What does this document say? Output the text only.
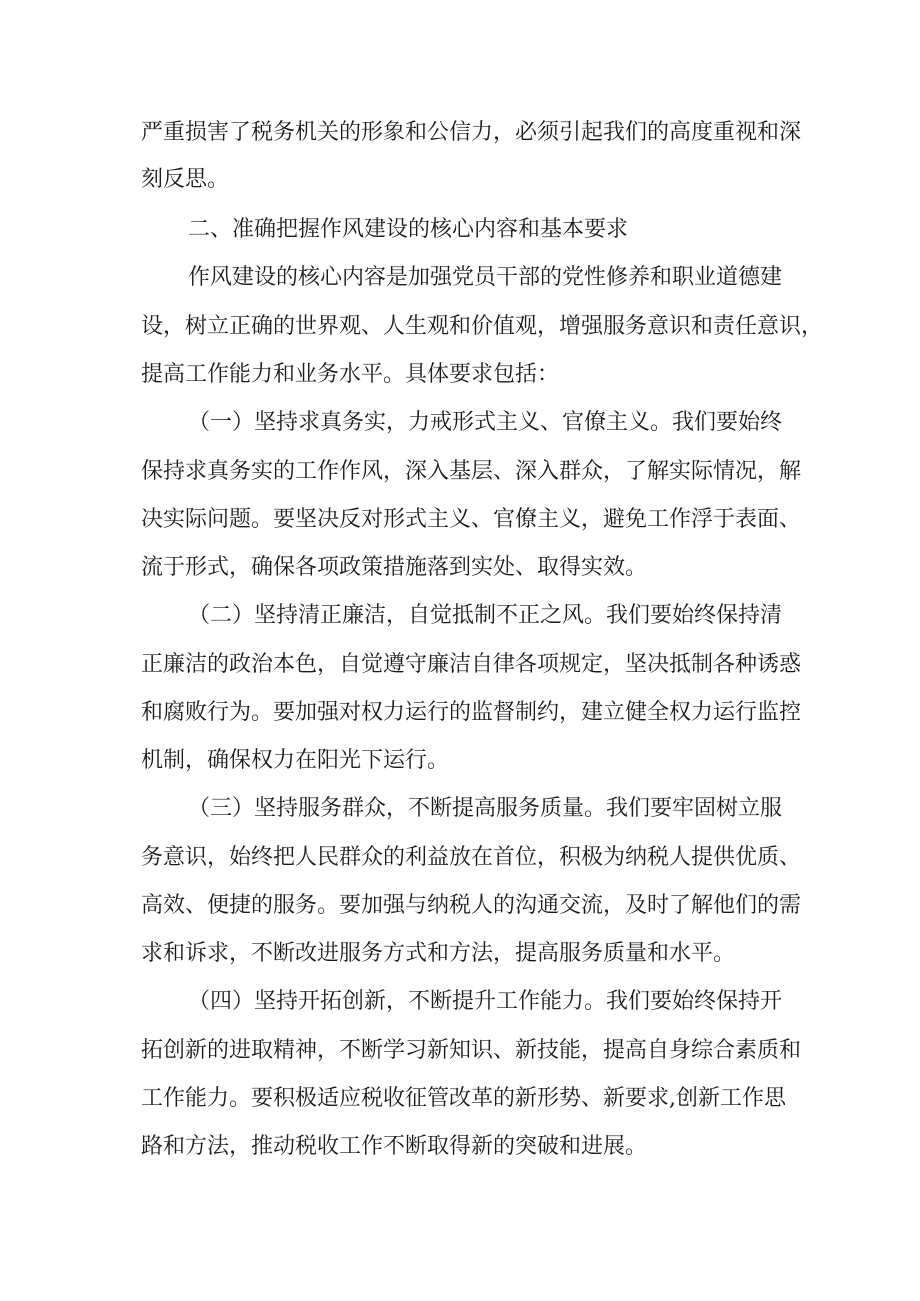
严重损害了税务机关的形象和公信力，必须引起我们的高度重视和深
刻反思。
二、准确把握作风建设的核心内容和基本要求
作风建设的核心内容是加强党员干部的党性修养和职业道德建
设，树立正确的世界观、人生观和价值观，增强服务意识和责任意识，
提高工作能力和业务水平。具体要求包括：
（一）坚持求真务实，力戒形式主义、官僚主义。我们要始终
保持求真务实的工作作风，深入基层、深入群众，了解实际情况，解
决实际问题。要坚决反对形式主义、官僚主义，避免工作浮于表面、
流于形式，确保各项政策措施落到实处、取得实效。
（二）坚持清正廉洁，自觉抵制不正之风。我们要始终保持清
正廉洁的政治本色，自觉遵守廉洁自律各项规定，坚决抵制各种诱惑
和腐败行为。要加强对权力运行的监督制约，建立健全权力运行监控
机制，确保权力在阳光下运行。
（三）坚持服务群众，不断提高服务质量。我们要牢固树立服
务意识，始终把人民群众的利益放在首位，积极为纳税人提供优质、
高效、便捷的服务。要加强与纳税人的沟通交流，及时了解他们的需
求和诉求，不断改进服务方式和方法，提高服务质量和水平。
（四）坚持开拓创新，不断提升工作能力。我们要始终保持开
拓创新的进取精神，不断学习新知识、新技能，提高自身综合素质和
工作能力。要积极适应税收征管改革的新形势、新要求,创新工作思
路和方法，推动税收工作不断取得新的突破和进展。
